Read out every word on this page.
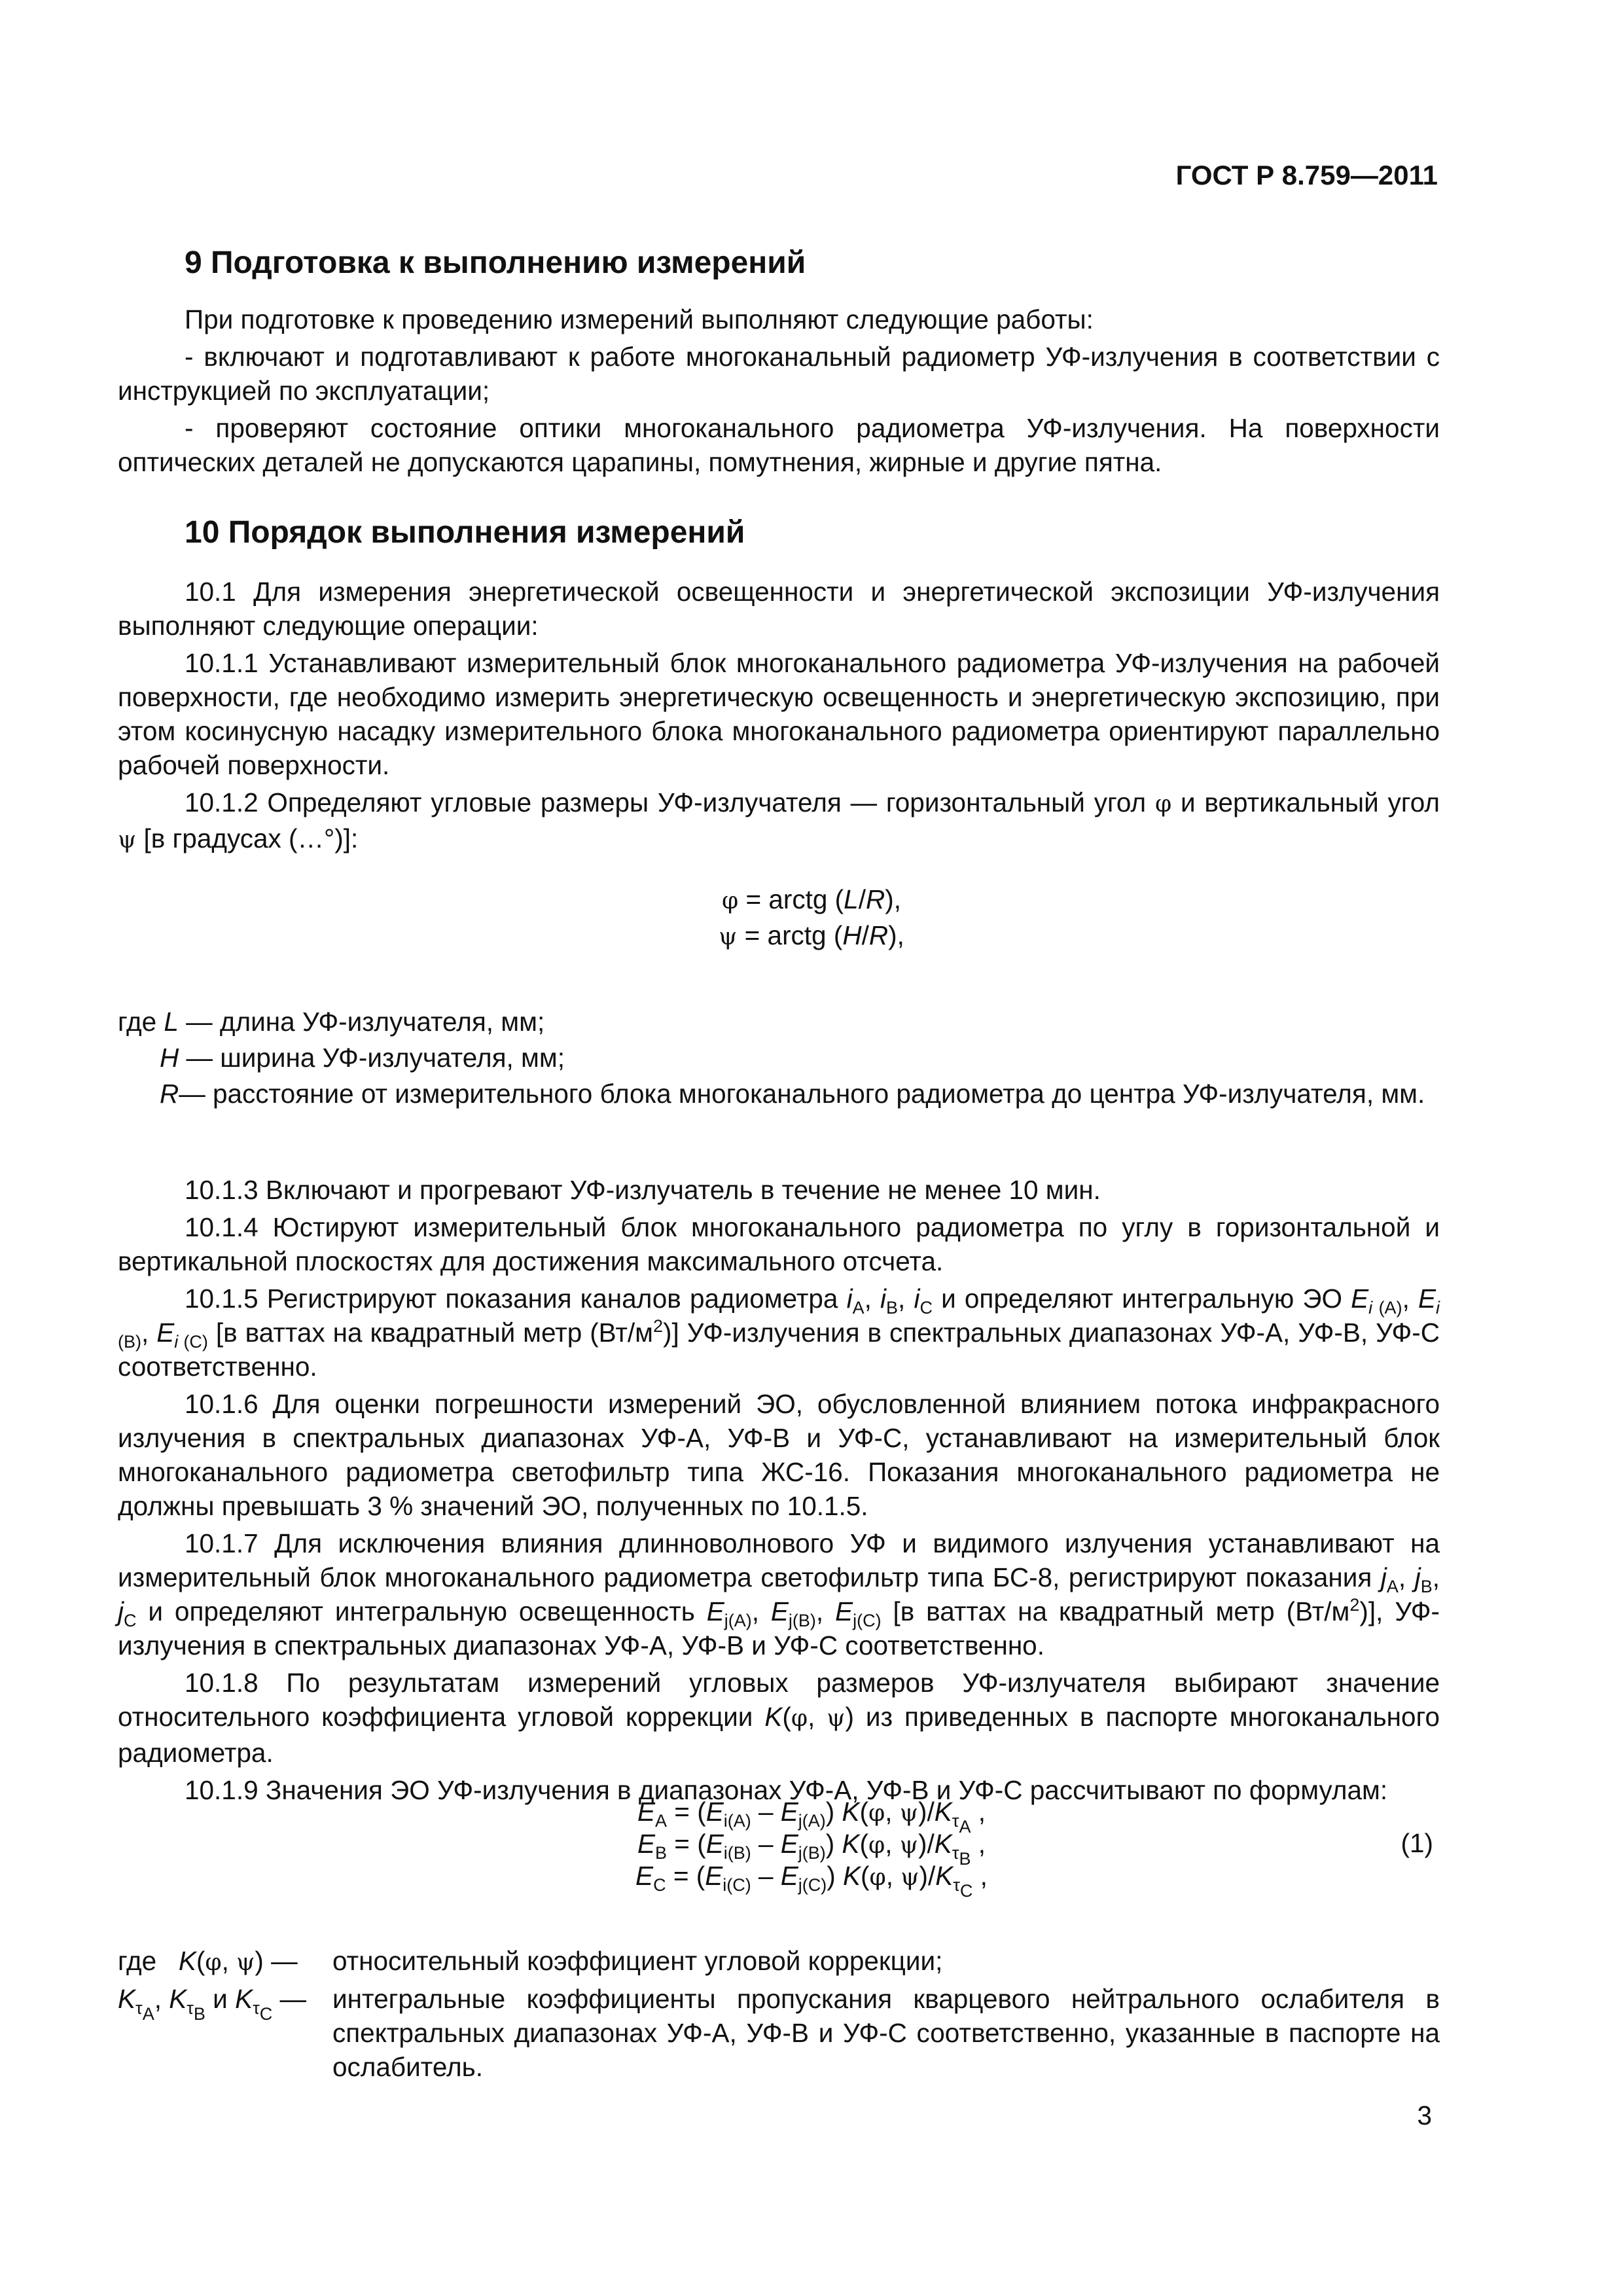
ГОСТ Р 8.759—2011
9 Подготовка к выполнению измерений

При подготовке к проведению измерений выполняют следующие работы:

- включают и подготавливают к работе многоканальный радиометр УФ-излучения в соответствии с инструкцией по эксплуатации;

- проверяют состояние оптики многоканального радиометра УФ-излучения. На поверхности оптических деталей не допускаются царапины, помутнения, жирные и другие пятна.

10 Порядок выполнения измерений

10.1 Для измерения энергетической освещенности и энергетической экспозиции УФ-излучения выполняют следующие операции:

10.1.1 Устанавливают измерительный блок многоканального радиометра УФ-излучения на рабочей поверхности, где необходимо измерить энергетическую освещенность и энергетическую экспозицию, при этом косинусную насадку измерительного блока многоканального радиометра ориентируют параллельно рабочей поверхности.

10.1.2 Определяют угловые размеры УФ-излучателя — горизонтальный угол φ и вертикальный угол ψ [в градусах (…°)]:

φ = arctg (L/R),
ψ = arctg (H/R),
где L — длина УФ-излучателя, мм;
H — ширина УФ-излучателя, мм;
R — расстояние от измерительного блока многоканального радиометра до центра УФ-излучателя, мм.

10.1.3 Включают и прогревают УФ-излучатель в течение не менее 10 мин.

10.1.4 Юстируют измерительный блок многоканального радиометра по углу в горизонтальной и вертикальной плоскостях для достижения максимального отсчета.

10.1.5 Регистрируют показания каналов радиометра $i_А$, $i_В$, $i_С$ и определяют интегральную ЭО $E_{i (А)}$, $E_{i (В)}$, $E_{i (С)}$ [в ваттах на квадратный метр $(Вт/м^2)$] УФ-излучения в спектральных диапазонах УФ-А, УФ-В, УФ-С соответственно.

10.1.6 Для оценки погрешности измерений ЭО, обусловленной влиянием потока инфракрасного излучения в спектральных диапазонах УФ-А, УФ-В и УФ-С, устанавливают на измерительный блок многоканального радиометра светофильтр типа ЖС-16. Показания многоканального радиометра не должны превышать 3 % значений ЭО, полученных по 10.1.5.

10.1.7 Для исключения влияния длинноволнового УФ и видимого излучения устанавливают на измерительный блок многоканального радиометра светофильтр типа БС-8, регистрируют показания $j_А$, $j_В$, $j_С$ и определяют интегральную освещенность $E_{j(А)}$, $E_{j(В)}$, $E_{j(С)}$ [в ваттах на квадратный метр $(Вт/м^2)$], УФ-излучения в спектральных диапазонах УФ-А, УФ-В и УФ-С соответственно.

10.1.8 По результатам измерений угловых размеров УФ-излучателя выбирают значение относительного коэффициента угловой коррекции K(φ, ψ) из приведенных в паспорте многоканального радиометра.

10.1.9 Значения ЭО УФ-излучения в диапазонах УФ-А, УФ-В и УФ-С рассчитывают по формулам:

$E_А = (E_{i(А)} - E_{j(А)})$ K(φ, $\psi)/K_{\tau_А}$ ,
$E_В = (E_{i(В)} - E_{j(В)})$ K(φ, $\psi)/K_{\tau_В}$ ,
$E_С = (E_{i(С)} - E_{j(С)})$ K(φ, $\psi)/K_{\tau_С}$ ,
(1)
где K(φ, ψ) —	относительный коэффициент угловой коррекции;
$K_{\tau_А}$, $K_{\tau_В}$ и $K_{\tau_С}$ — интегральные коэффициенты пропускания кварцевого нейтрального ослабителя в спектральных диапазонах УФ-А, УФ-В и УФ-С соответственно, указанные в паспорте на ослабитель.
3
